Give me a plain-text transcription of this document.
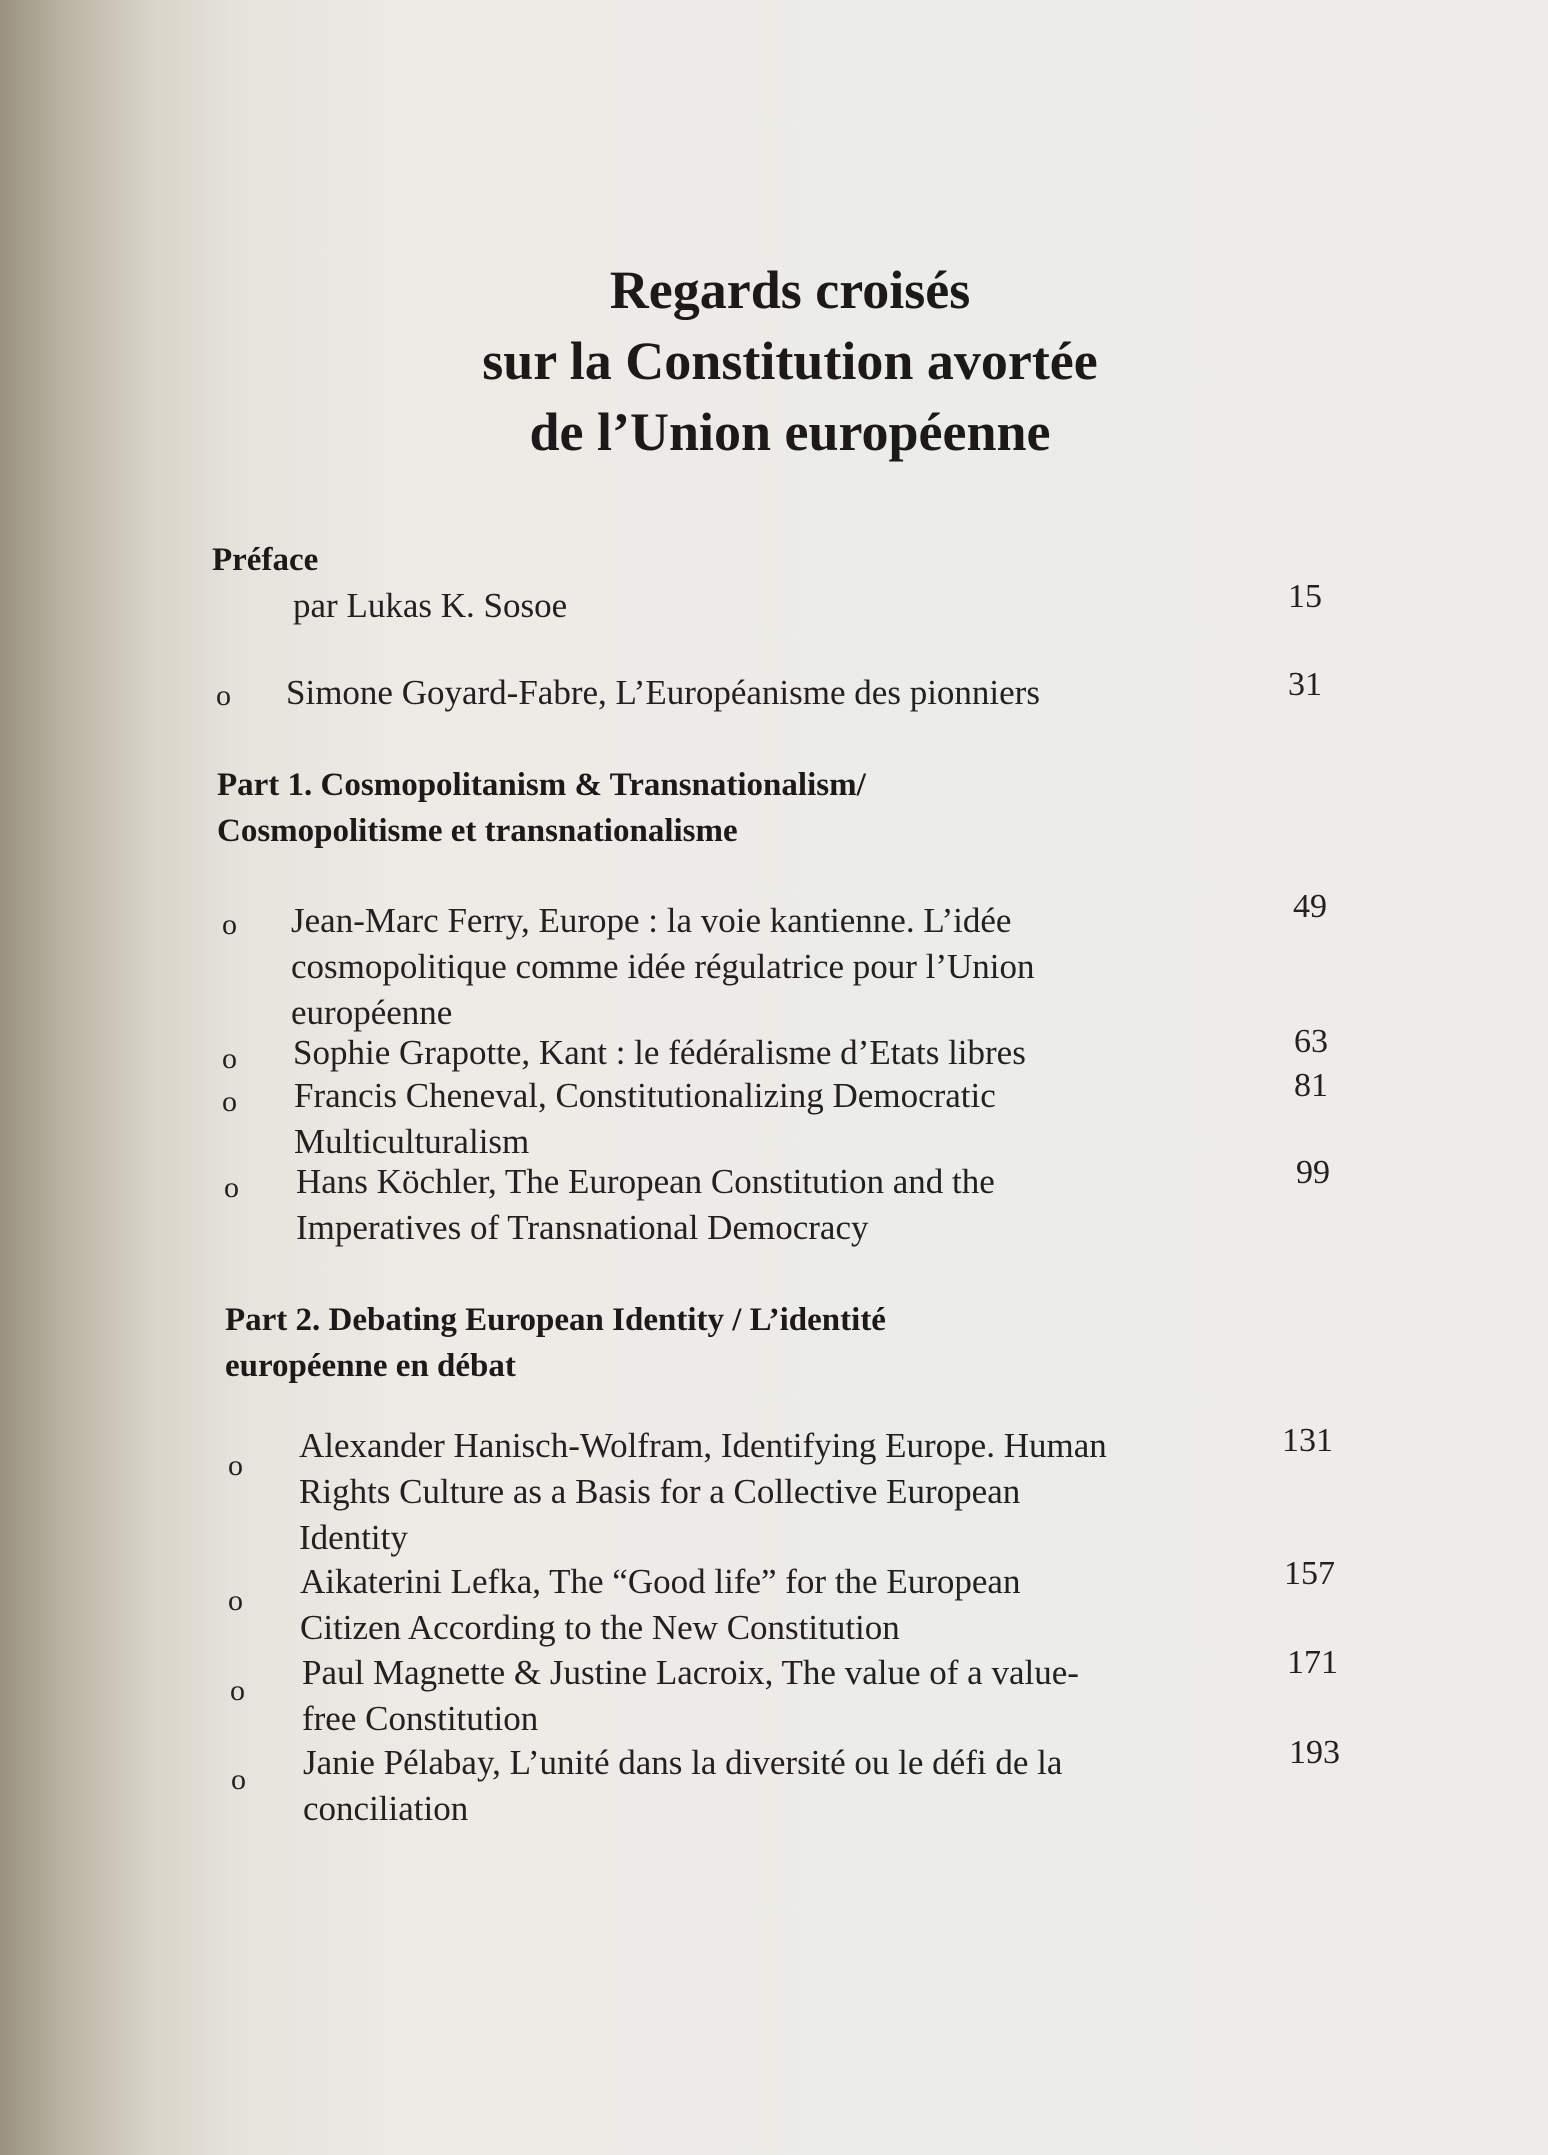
Regards croisés
sur la Constitution avortée
de l’Union européenne
Préface
par Lukas K. Sosoe	15
o Simone Goyard-Fabre, L’Européanisme des pionniers	31
Part 1. Cosmopolitanism & Transnationalism/
Cosmopolitisme et transnationalisme
o Jean-Marc Ferry, Europe : la voie kantienne. L’idée
cosmopolitique comme idée régulatrice pour l’Union
européenne
49
o Sophie Grapotte, Kant : le fédéralisme d’Etats libres	63
o Francis Cheneval, Constitutionalizing Democratic
Multiculturalism
81
o Hans Köchler, The European Constitution and the
Imperatives of Transnational Democracy
99
Part 2. Debating European Identity / L’identité
européenne en débat
o
Alexander Hanisch-Wolfram, Identifying Europe. Human
Rights Culture as a Basis for a Collective European
Identity
131
o Aikaterini Lefka, The “Good life” for the European
Citizen According to the New Constitution
157
o Paul Magnette & Justine Lacroix, The value of a value-
free Constitution
171
o Janie Pélabay, L’unité dans la diversité ou le défi de la
conciliation
193
